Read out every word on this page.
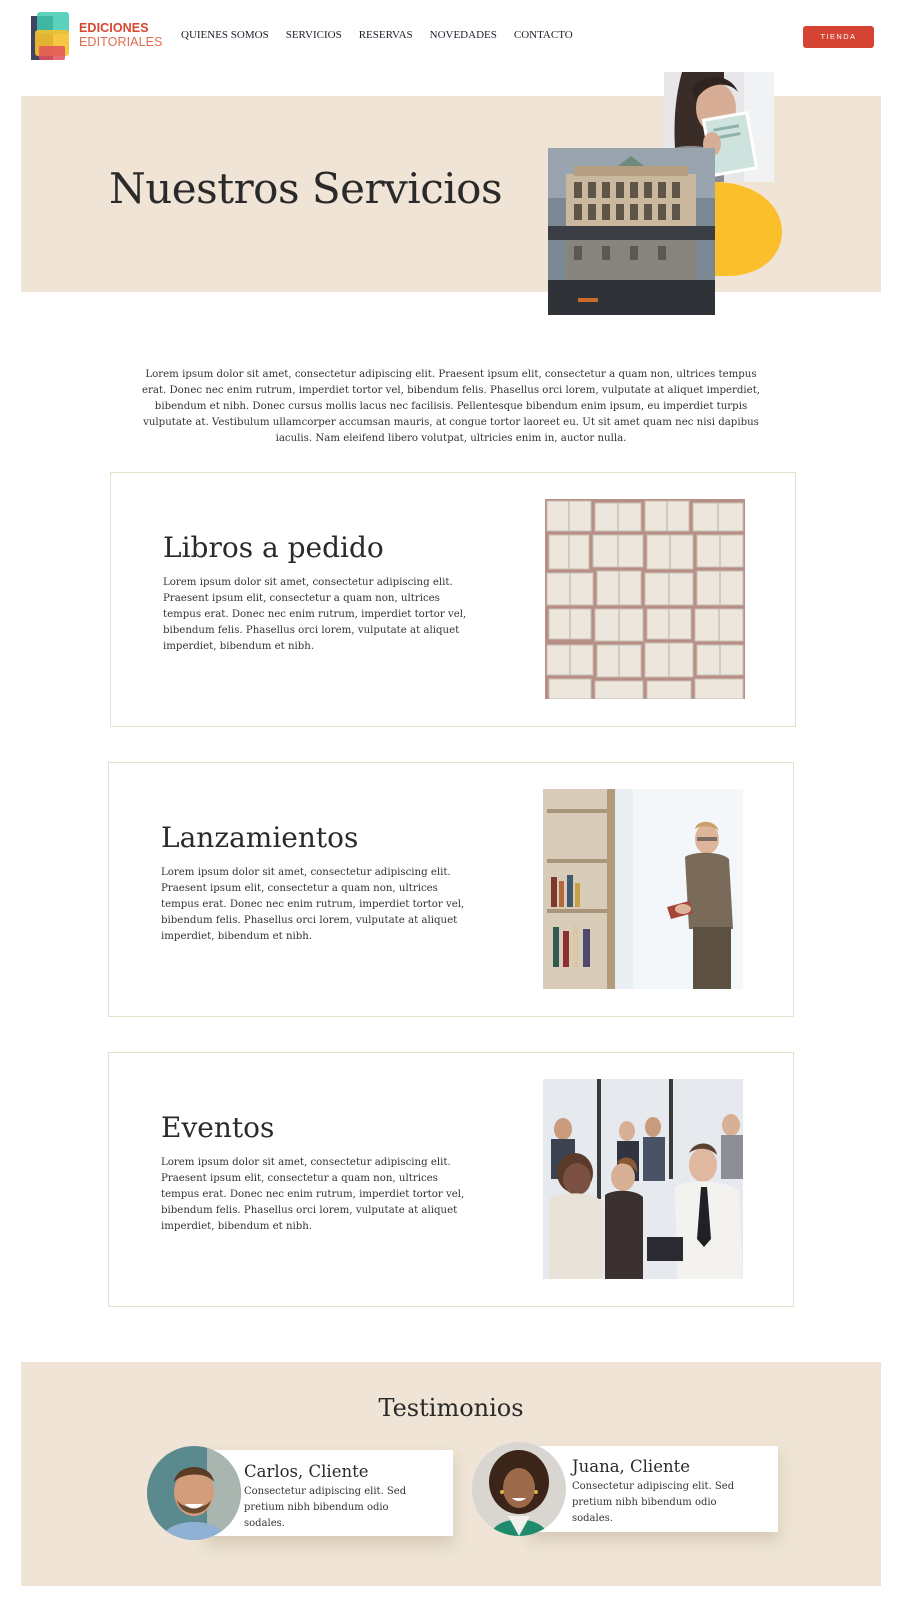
EDICIONES
EDITORIALES QUIENES SOMOS SERVICIOS RESERVAS NOVEDADES CONTACTO	TIENDA
Nuestros Servicios

Lorem ipsum dolor sit amet, consectetur adipiscing elit. Praesent ipsum elit, consectetur a quam non, ultrices tempus erat. Donec nec enim rutrum, imperdiet tortor vel, bibendum felis. Phasellus orci lorem, vulputate at aliquet imperdiet, bibendum et nibh. Donec cursus mollis lacus nec facilisis. Pellentesque bibendum enim ipsum, eu imperdiet turpis vulputate at. Vestibulum ullamcorper accumsan mauris, at congue tortor laoreet eu. Ut sit amet quam nec nisi dapibus iaculis. Nam eleifend libero volutpat, ultricies enim in, auctor nulla.

Libros a pedido

Lorem ipsum dolor sit amet, consectetur adipiscing elit. Praesent ipsum elit, consectetur a quam non, ultrices tempus erat. Donec nec enim rutrum, imperdiet tortor vel, bibendum felis. Phasellus orci lorem, vulputate at aliquet imperdiet, bibendum et nibh.

Lanzamientos

Lorem ipsum dolor sit amet, consectetur adipiscing elit. Praesent ipsum elit, consectetur a quam non, ultrices tempus erat. Donec nec enim rutrum, imperdiet tortor vel, bibendum felis. Phasellus orci lorem, vulputate at aliquet imperdiet, bibendum et nibh.

Eventos

Lorem ipsum dolor sit amet, consectetur adipiscing elit. Praesent ipsum elit, consectetur a quam non, ultrices tempus erat. Donec nec enim rutrum, imperdiet tortor vel, bibendum felis. Phasellus orci lorem, vulputate at aliquet imperdiet, bibendum et nibh.

Testimonios
Carlos, Cliente
Consectetur adipiscing elit. Sed pretium nibh bibendum odio sodales.
Juana, Cliente
Consectetur adipiscing elit. Sed pretium nibh bibendum odio sodales.
